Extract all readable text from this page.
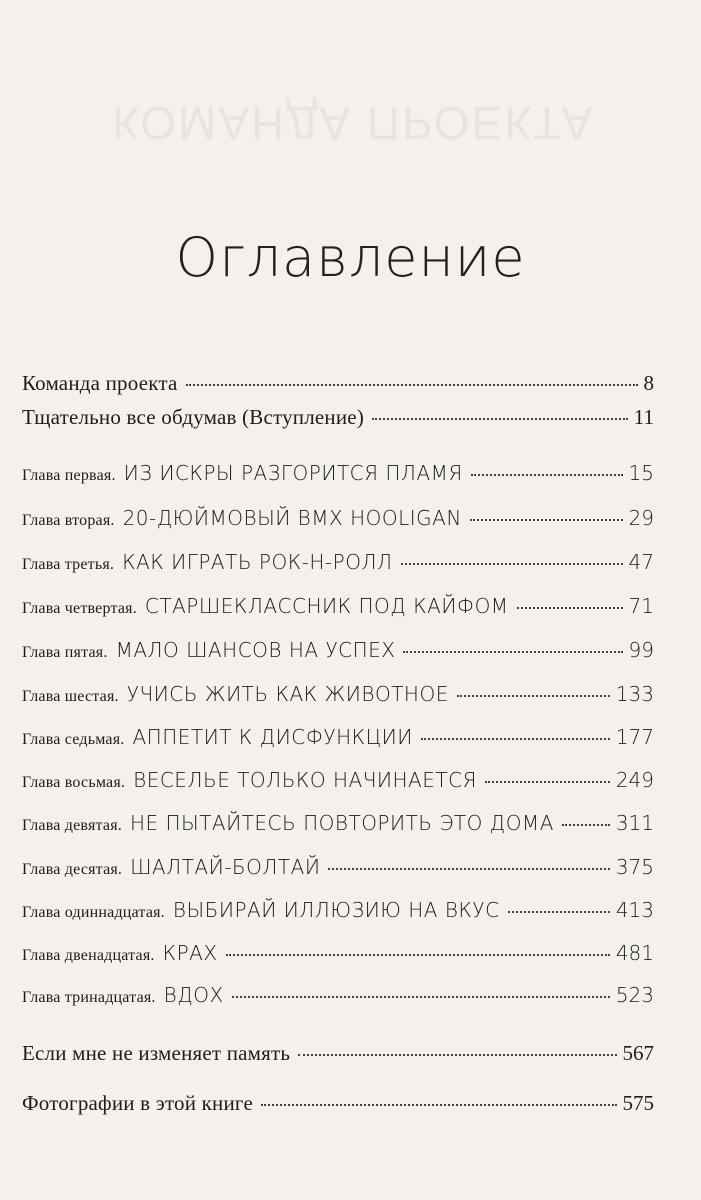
КОМАНДА ПРОЕКТА
Оглавление
Команда проекта	8
Тщательно все обдумав (Вступление)	11
Глава первая. ИЗ ИСКРЫ РАЗГОРИТСЯ ПЛАМЯ	15
Глава вторая. 20-ДЮЙМОВЫЙ BMX HOOLIGAN	29
Глава третья. КАК ИГРАТЬ РОК-Н-РОЛЛ	47
Глава четвертая. СТАРШЕКЛАССНИК ПОД КАЙФОМ	71
Глава пятая. МАЛО ШАНСОВ НА УСПЕХ	99
Глава шестая. УЧИСЬ ЖИТЬ КАК ЖИВОТНОЕ	133
Глава седьмая. АППЕТИТ К ДИСФУНКЦИИ	177
Глава восьмая. ВЕСЕЛЬЕ ТОЛЬКО НАЧИНАЕТСЯ	249
Глава девятая. НЕ ПЫТАЙТЕСЬ ПОВТОРИТЬ ЭТО ДОМА	311
Глава десятая. ШАЛТАЙ-БОЛТАЙ	375
Глава одиннадцатая. ВЫБИРАЙ ИЛЛЮЗИЮ НА ВКУС	413
Глава двенадцатая. КРАХ	481
Глава тринадцатая. ВДОХ	523
Если мне не изменяет память	567
Фотографии в этой книге	575
